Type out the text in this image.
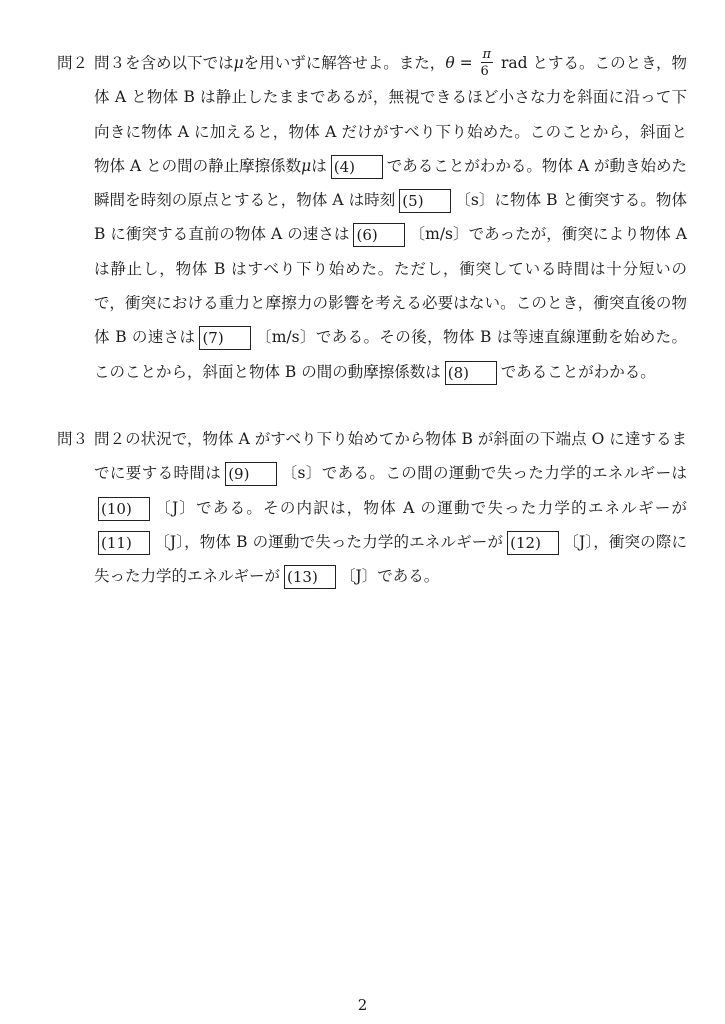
問２ 問３を含め以下ではμを用いずに解答せよ。また，$\theta = \frac{\pi}{6}$ rad とする。このとき，物体 A と物体 B は静止したままであるが，無視できるほど小さな力を斜面に沿って下向きに物体 A に加えると，物体 A だけがすべり下り始めた。このことから，斜面と物体 A との間の静止摩擦係数μは (4) であることがわかる。物体 A が動き始めた瞬間を時刻の原点とすると，物体 A は時刻 (5) 〔s〕に物体 B と衝突する。物体 B に衝突する直前の物体 A の速さは (6) 〔m/s〕であったが，衝突により物体 A は静止し，物体 B はすべり下り始めた。ただし，衝突している時間は十分短いので，衝突における重力と摩擦力の影響を考える必要はない。このとき，衝突直後の物体 B の速さは (7) 〔m/s〕である。その後，物体 B は等速直線運動を始めた。このことから，斜面と物体 B の間の動摩擦係数は (8) であることがわかる。
問３ 問２の状況で，物体 A がすべり下り始めてから物体 B が斜面の下端点 O に達するまでに要する時間は (9) 〔s〕である。この間の運動で失った力学的エネルギーは(10) 〔J〕である。その内訳は，物体 A の運動で失った力学的エネルギーが(11) 〔J〕，物体 B の運動で失った力学的エネルギーが (12) 〔J〕，衝突の際に失った力学的エネルギーが (13) 〔J〕である。
2
